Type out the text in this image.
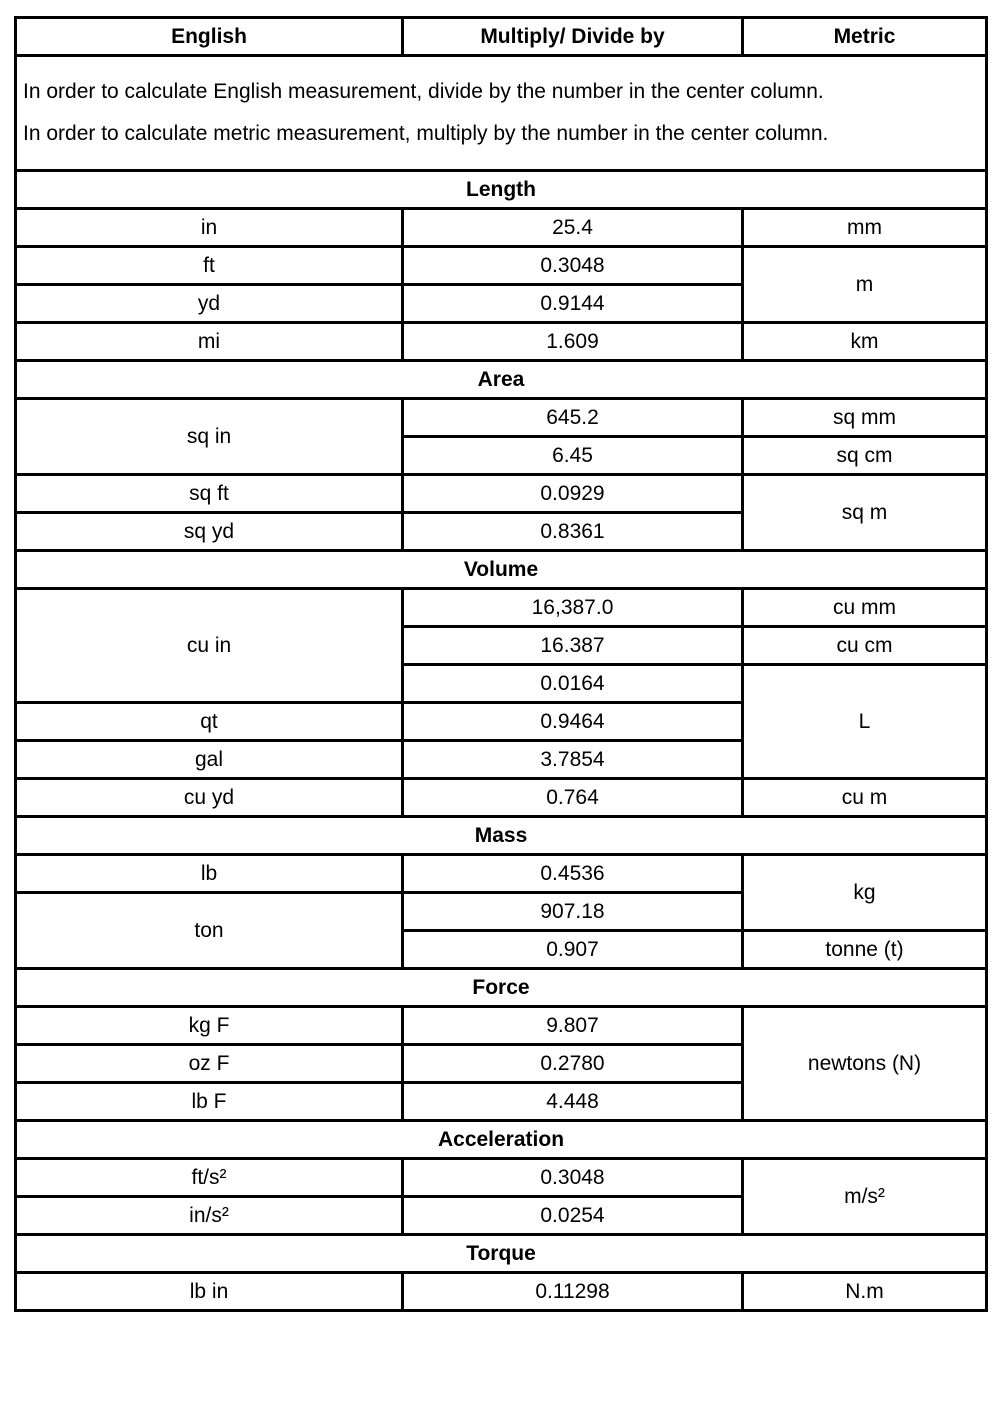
English	Multiply/ Divide by	Metric

In order to calculate English measurement, divide by the number in the center column.
In order to calculate metric measurement, multiply by the number in the center column.		

Length		
in	25.4	mm
ft	0.3048	m
yd	0.9144	
mi	1.609	km
Area		
sq in	645.2	sq mm
	6.45	sq cm
sq ft	0.0929	sq m
sq yd	0.8361	
Volume		
cu in	16,387.0	cu mm
	16.387	cu cm
	0.0164	L
qt	0.9464	
gal	3.7854	
cu yd	0.764	cu m
Mass		
lb	0.4536	kg
ton	907.18	
	0.907	tonne (t)
Force		
kg F	9.807	newtons (N)
oz F	0.2780	
lb F	4.448	
Acceleration		
ft/s²	0.3048	m/s²
in/s²	0.0254	
Torque		
lb in	0.11298	N.m
